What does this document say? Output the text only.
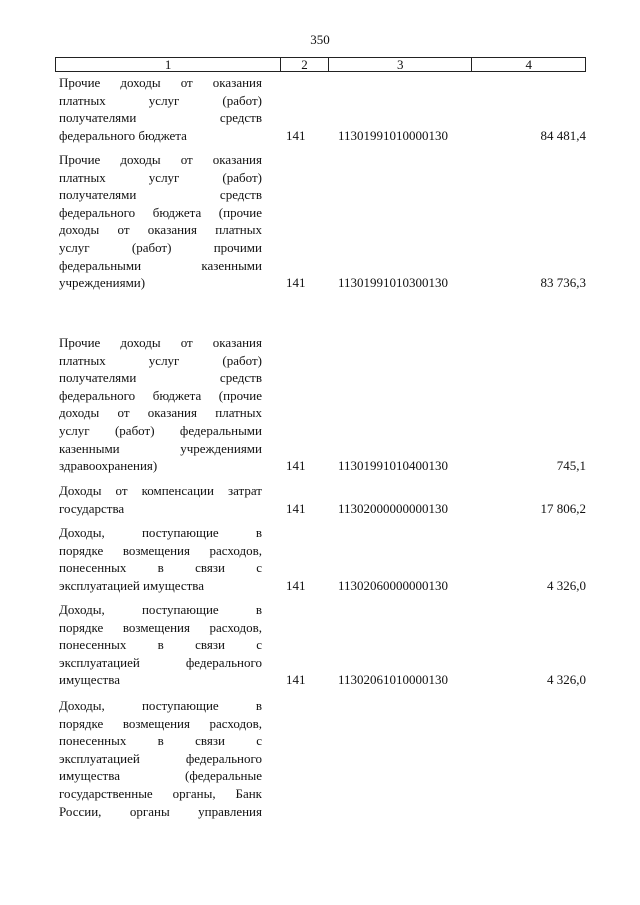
350
1	2	3	4
Прочие доходы от оказания
платных услуг (работ)
получателями средств
федерального бюджета	141	11301991010000130	84 481,4
Прочие доходы от оказания
платных услуг (работ)
получателями средств
федерального бюджета (прочие
доходы от оказания платных
услуг (работ) прочими
федеральными казенными
учреждениями)	141	11301991010300130	83 736,3
Прочие доходы от оказания
платных услуг (работ)
получателями средств
федерального бюджета (прочие
доходы от оказания платных
услуг (работ) федеральными
казенными учреждениями
здравоохранения)	141	11301991010400130	745,1
Доходы от компенсации затрат
государства	141	11302000000000130	17 806,2
Доходы, поступающие в
порядке возмещения расходов,
понесенных в связи с
эксплуатацией имущества	141	11302060000000130	4 326,0
Доходы, поступающие в
порядке возмещения расходов,
понесенных в связи с
эксплуатацией федерального
имущества	141	11302061010000130	4 326,0
Доходы, поступающие в
порядке возмещения расходов,
понесенных в связи с
эксплуатацией федерального
имущества (федеральные
государственные органы, Банк
России, органы управления
